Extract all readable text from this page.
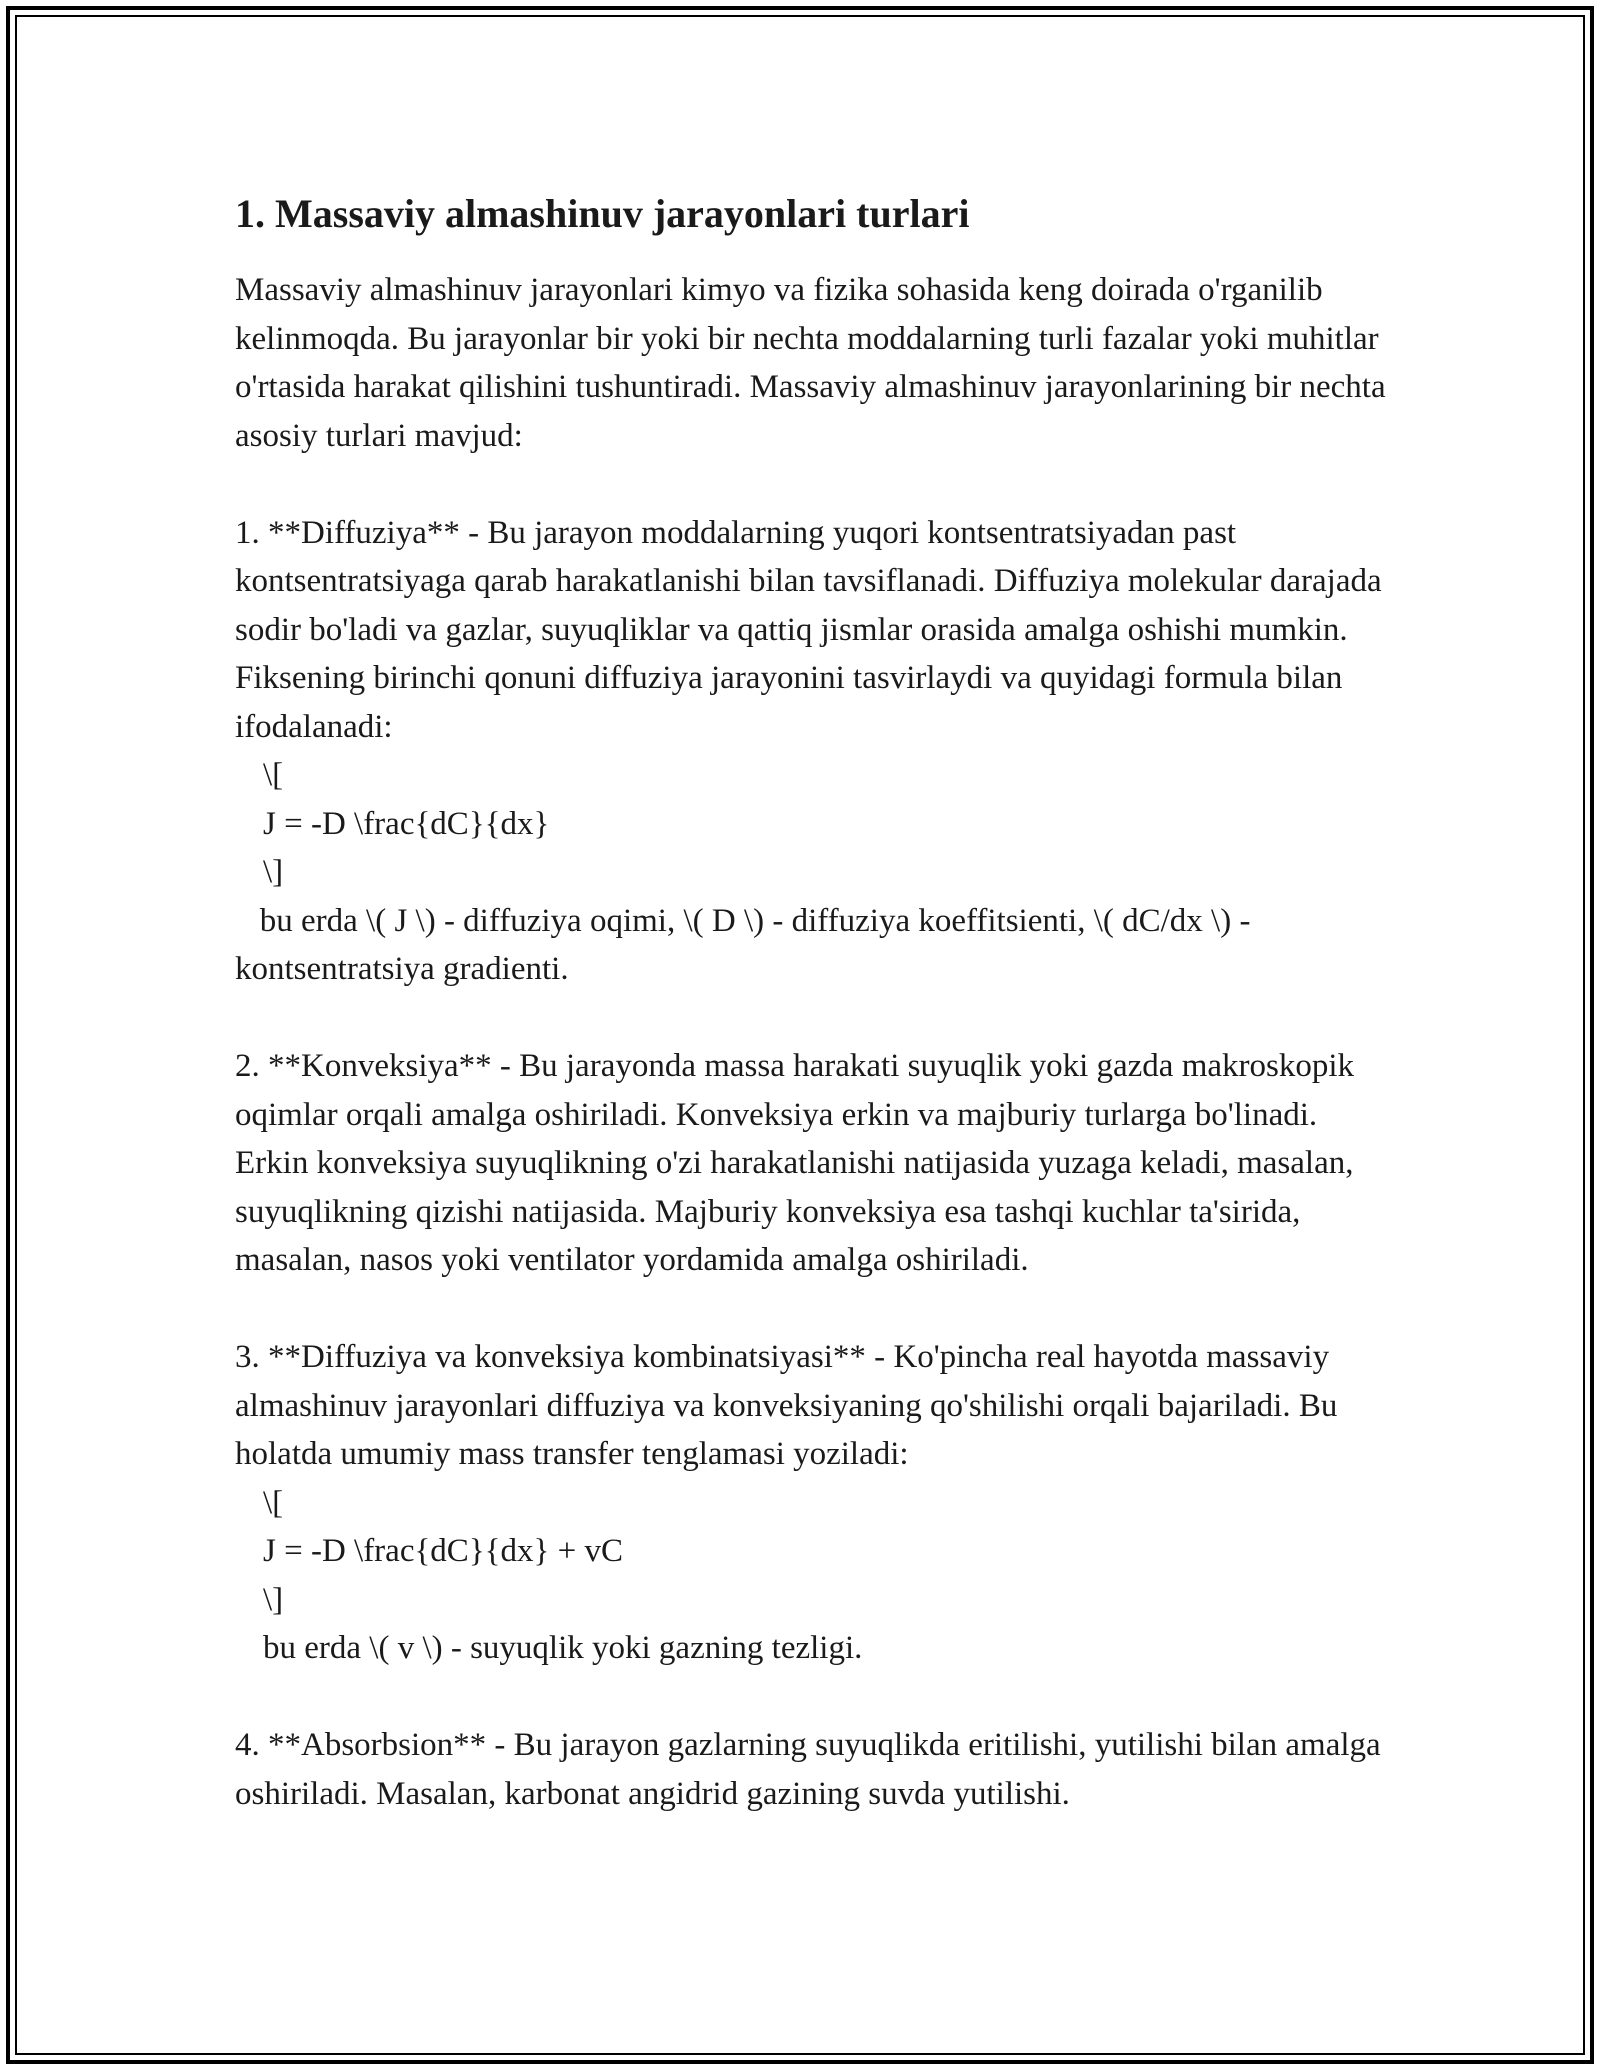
1. Massaviy almashinuv jarayonlari turlari

Massaviy almashinuv jarayonlari kimyo va fizika sohasida keng doirada o'rganilib kelinmoqda. Bu jarayonlar bir yoki bir nechta moddalarning turli fazalar yoki muhitlar o'rtasida harakat qilishini tushuntiradi. Massaviy almashinuv jarayonlarining bir nechta asosiy turlari mavjud:

1. **Diffuziya** - Bu jarayon moddalarning yuqori kontsentratsiyadan past kontsentratsiyaga qarab harakatlanishi bilan tavsiflanadi. Diffuziya molekular darajada sodir bo'ladi va gazlar, suyuqliklar va qattiq jismlar orasida amalga oshishi mumkin. Fiksening birinchi qonuni diffuziya jarayonini tasvirlaydi va quyidagi formula bilan ifodalanadi:
\[
J = -D \frac{dC}{dx}
\]
bu erda \( J \) - diffuziya oqimi, \( D \) - diffuziya koeffitsienti, \( dC/dx \) - kontsentratsiya gradienti.
2. **Konveksiya** - Bu jarayonda massa harakati suyuqlik yoki gazda makroskopik oqimlar orqali amalga oshiriladi. Konveksiya erkin va majburiy turlarga bo'linadi. Erkin konveksiya suyuqlikning o'zi harakatlanishi natijasida yuzaga keladi, masalan, suyuqlikning qizishi natijasida. Majburiy konveksiya esa tashqi kuchlar ta'sirida, masalan, nasos yoki ventilator yordamida amalga oshiriladi.
3. **Diffuziya va konveksiya kombinatsiyasi** - Ko'pincha real hayotda massaviy almashinuv jarayonlari diffuziya va konveksiyaning qo'shilishi orqali bajariladi. Bu holatda umumiy mass transfer tenglamasi yoziladi:
\[
J = -D \frac{dC}{dx} + vC
\]
bu erda \( v \) - suyuqlik yoki gazning tezligi.
4. **Absorbsion** - Bu jarayon gazlarning suyuqlikda eritilishi, yutilishi bilan amalga oshiriladi. Masalan, karbonat angidrid gazining suvda yutilishi.
